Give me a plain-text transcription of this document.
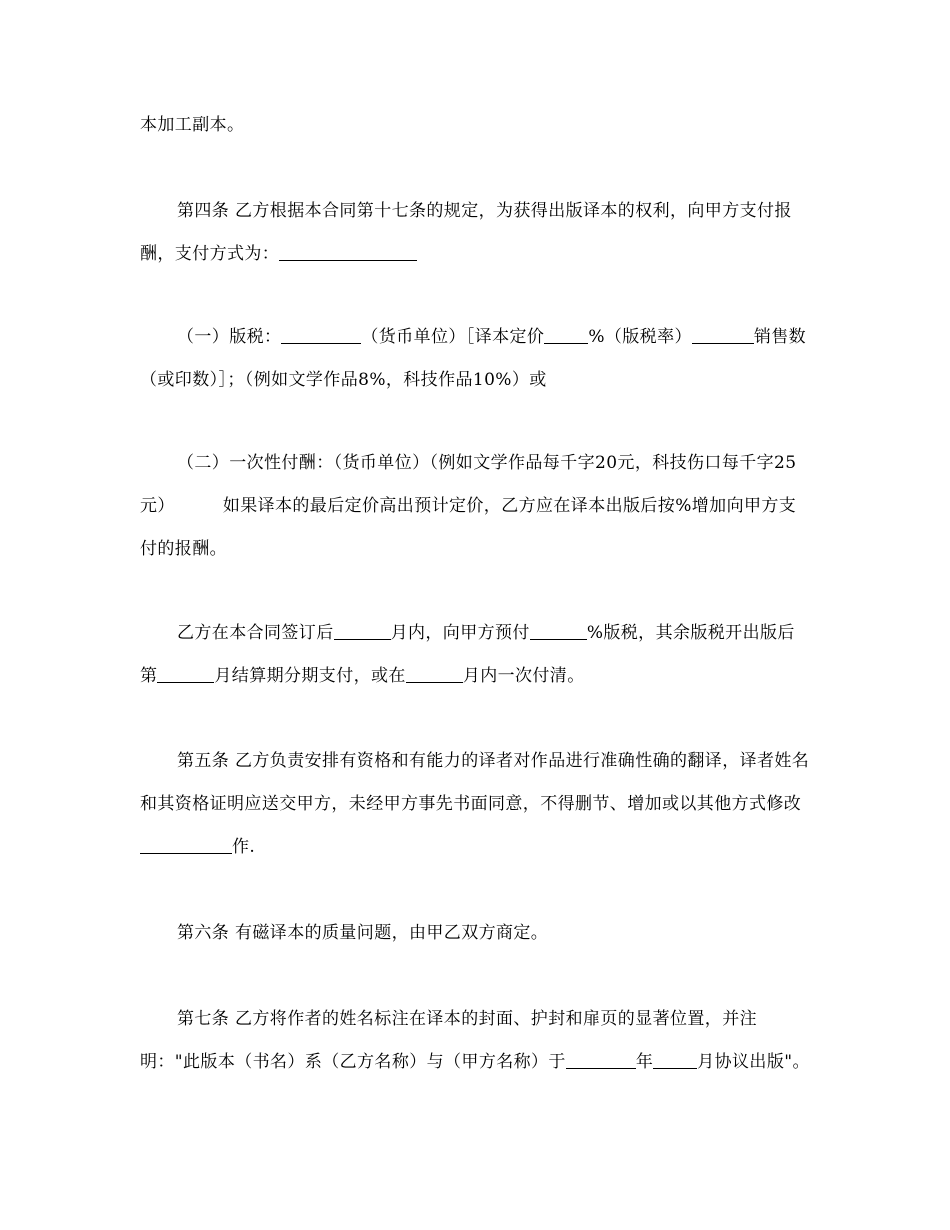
本加工副本。

第四条 乙方根据本合同第十七条的规定，为获得出版译本的权利，向甲方支付报酬，支付方式为：

（一）版税：	（货币单位）［译本定价	%（版税率）	销售数（或印数）］；（例如文学作品8%，科技作品10%）或

（二）一次性付酬：（货币单位）（例如文学作品每千字20元，科技伤口每千字25元）	如果译本的最后定价高出预计定价，乙方应在译本出版后按%增加向甲方支付的报酬。

乙方在本合同签订后	月内，向甲方预付	%版税，其余版税开出版后第	月结算期分期支付，或在	月内一次付清。

第五条 乙方负责安排有资格和有能力的译者对作品进行准确性确的翻译，译者姓名和其资格证明应送交甲方，未经甲方事先书面同意，不得删节、增加或以其他方式修改作.

第六条 有磁译本的质量问题，由甲乙双方商定。

第七条 乙方将作者的姓名标注在译本的封面、护封和扉页的显著位置，并注明："此版本（书名）系（乙方名称）与（甲方名称）于	年	月协议出版"。
